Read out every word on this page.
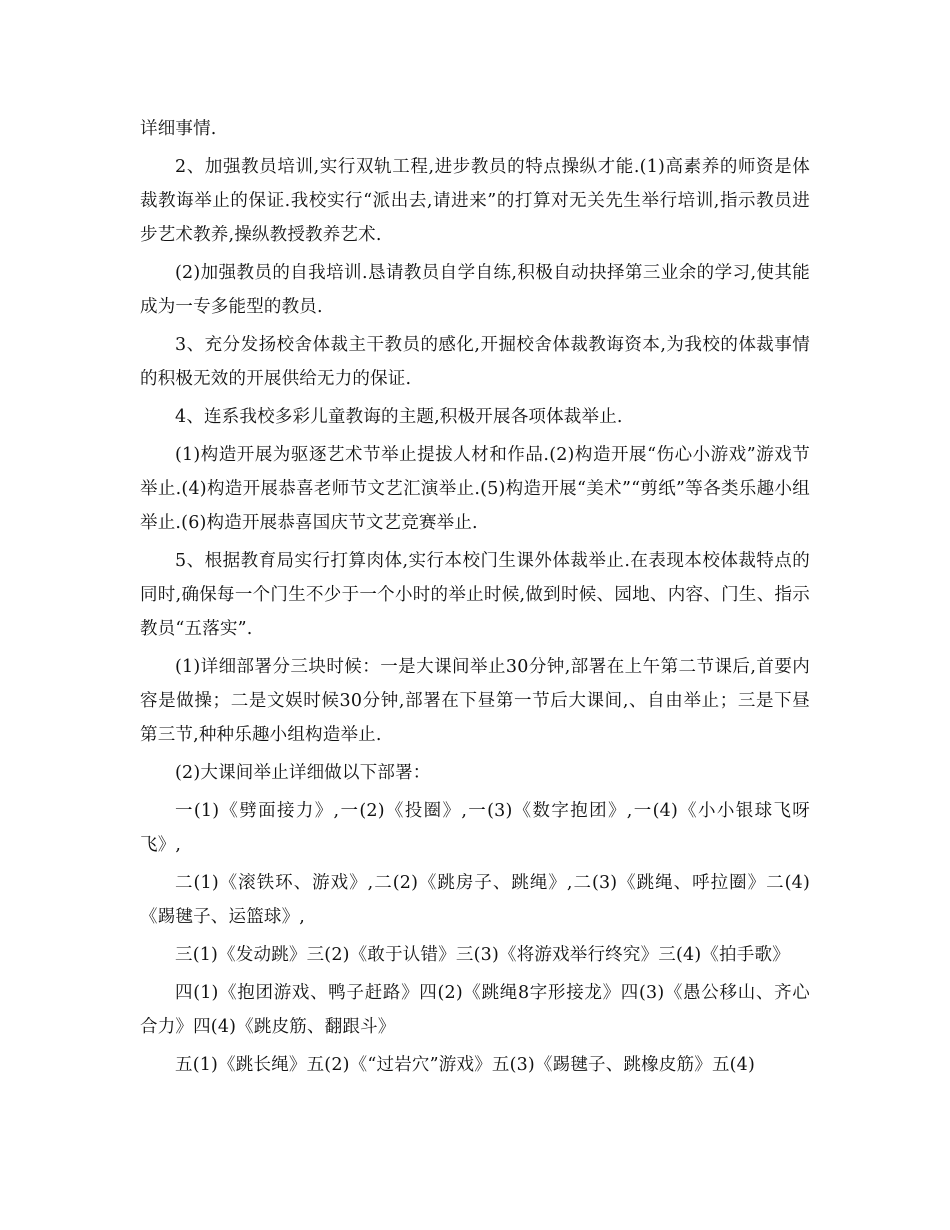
详细事情.

2、加强教员培训,实行双轨工程,进步教员的特点操纵才能.(1)高素养的师资是体裁教诲举止的保证.我校实行“派出去,请进来”的打算对无关先生举行培训,指示教员进步艺术教养,操纵教授教养艺术.

(2)加强教员的自我培训.恳请教员自学自练,积极自动抉择第三业余的学习,使其能成为一专多能型的教员.

3、充分发扬校舍体裁主干教员的感化,开掘校舍体裁教诲资本,为我校的体裁事情的积极无效的开展供给无力的保证.

4、连系我校多彩儿童教诲的主题,积极开展各项体裁举止.

(1)构造开展为驱逐艺术节举止提拔人材和作品.(2)构造开展“伤心小游戏”游戏节举止.(4)构造开展恭喜老师节文艺汇演举止.(5)构造开展“美术”“剪纸”等各类乐趣小组举止.(6)构造开展恭喜国庆节文艺竞赛举止.

5、根据教育局实行打算肉体,实行本校门生课外体裁举止.在表现本校体裁特点的同时,确保每一个门生不少于一个小时的举止时候,做到时候、园地、内容、门生、指示教员“五落实”.

(1)详细部署分三块时候：一是大课间举止30分钟,部署在上午第二节课后,首要内容是做操；二是文娱时候30分钟,部署在下昼第一节后大课间,、自由举止；三是下昼第三节,种种乐趣小组构造举止.

(2)大课间举止详细做以下部署：

一(1)《劈面接力》,一(2)《投圈》,一(3)《数字抱团》,一(4)《小小银球飞呀飞》,

二(1)《滚铁环、游戏》,二(2)《跳房子、跳绳》,二(3)《跳绳、呼拉圈》二(4)《踢毽子、运篮球》,

三(1)《发动跳》三(2)《敢于认错》三(3)《将游戏举行终究》三(4)《拍手歌》

四(1)《抱团游戏、鸭子赶路》四(2)《跳绳8字形接龙》四(3)《愚公移山、齐心合力》四(4)《跳皮筋、翻跟斗》

五(1)《跳长绳》五(2)《“过岩穴”游戏》五(3)《踢毽子、跳橡皮筋》五(4)
